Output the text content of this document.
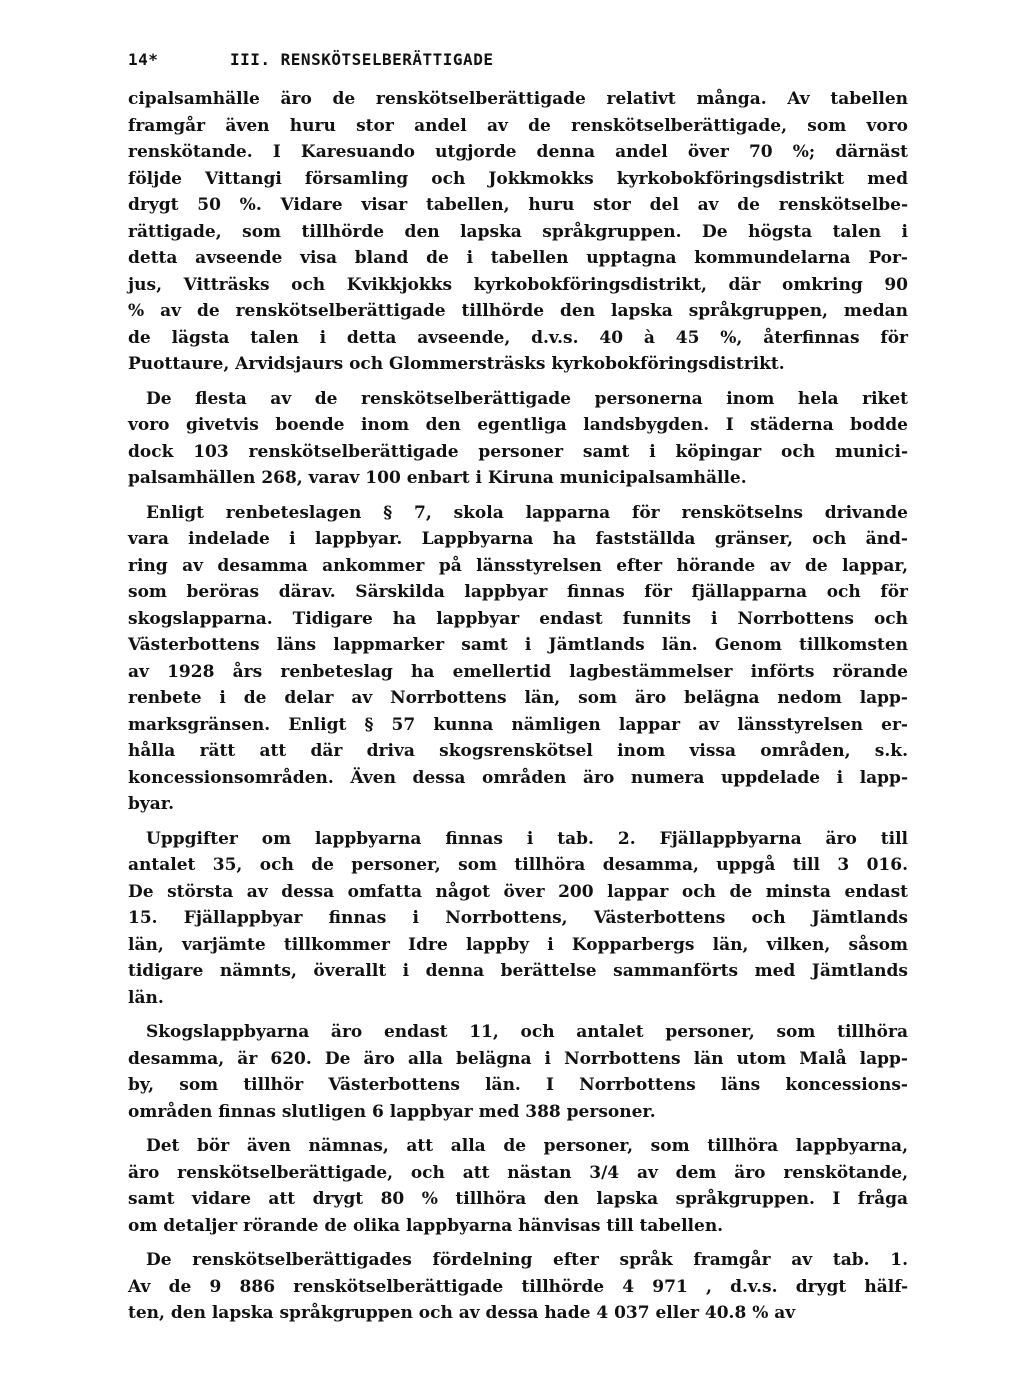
14*	III. RENSKÖTSELBERÄTTIGADE
cipalsamhälle äro de renskötselberättigade relativt många. Av tabellen
framgår även huru stor andel av de renskötselberättigade, som voro
renskötande. I Karesuando utgjorde denna andel över 70 %; därnäst
följde Vittangi församling och Jokkmokks kyrkobokföringsdistrikt med
drygt 50 %. Vidare visar tabellen, huru stor del av de renskötselbe-
rättigade, som tillhörde den lapska språkgruppen. De högsta talen i
detta avseende visa bland de i tabellen upptagna kommundelarna Por-
jus, Vitträsks och Kvikkjokks kyrkobokföringsdistrikt, där omkring 90
% av de renskötselberättigade tillhörde den lapska språkgruppen, medan
de lägsta talen i detta avseende, d.v.s. 40 à 45 %, återfinnas för
Puottaure, Arvidsjaurs och Glommersträsks kyrkobokföringsdistrikt.
De flesta av de renskötselberättigade personerna inom hela riket
voro givetvis boende inom den egentliga landsbygden. I städerna bodde
dock 103 renskötselberättigade personer samt i köpingar och munici-
palsamhällen 268, varav 100 enbart i Kiruna municipalsamhälle.
Enligt renbeteslagen § 7, skola lapparna för renskötselns drivande
vara indelade i lappbyar. Lappbyarna ha fastställda gränser, och änd-
ring av desamma ankommer på länsstyrelsen efter hörande av de lappar,
som beröras därav. Särskilda lappbyar finnas för fjällapparna och för
skogslapparna. Tidigare ha lappbyar endast funnits i Norrbottens och
Västerbottens läns lappmarker samt i Jämtlands län. Genom tillkomsten
av 1928 års renbeteslag ha emellertid lagbestämmelser införts rörande
renbete i de delar av Norrbottens län, som äro belägna nedom lapp-
marksgränsen. Enligt § 57 kunna nämligen lappar av länsstyrelsen er-
hålla rätt att där driva skogsrenskötsel inom vissa områden, s.k.
koncessionsområden. Även dessa områden äro numera uppdelade i lapp-
byar.
Uppgifter om lappbyarna finnas i tab. 2. Fjällappbyarna äro till
antalet 35, och de personer, som tillhöra desamma, uppgå till 3 016.
De största av dessa omfatta något över 200 lappar och de minsta endast
15. Fjällappbyar finnas i Norrbottens, Västerbottens och Jämtlands
län, varjämte tillkommer Idre lappby i Kopparbergs län, vilken, såsom
tidigare nämnts, överallt i denna berättelse sammanförts med Jämtlands
län.
Skogslappbyarna äro endast 11, och antalet personer, som tillhöra
desamma, är 620. De äro alla belägna i Norrbottens län utom Malå lapp-
by, som tillhör Västerbottens län. I Norrbottens läns koncessions-
områden finnas slutligen 6 lappbyar med 388 personer.
Det bör även nämnas, att alla de personer, som tillhöra lappbyarna,
äro renskötselberättigade, och att nästan 3/4 av dem äro renskötande,
samt vidare att drygt 80 % tillhöra den lapska språkgruppen. I fråga
om detaljer rörande de olika lappbyarna hänvisas till tabellen.
De renskötselberättigades fördelning efter språk framgår av tab. 1.
Av de 9 886 renskötselberättigade tillhörde 4 971 , d.v.s. drygt hälf-
ten, den lapska språkgruppen och av dessa hade 4 037 eller 40.8 % av
